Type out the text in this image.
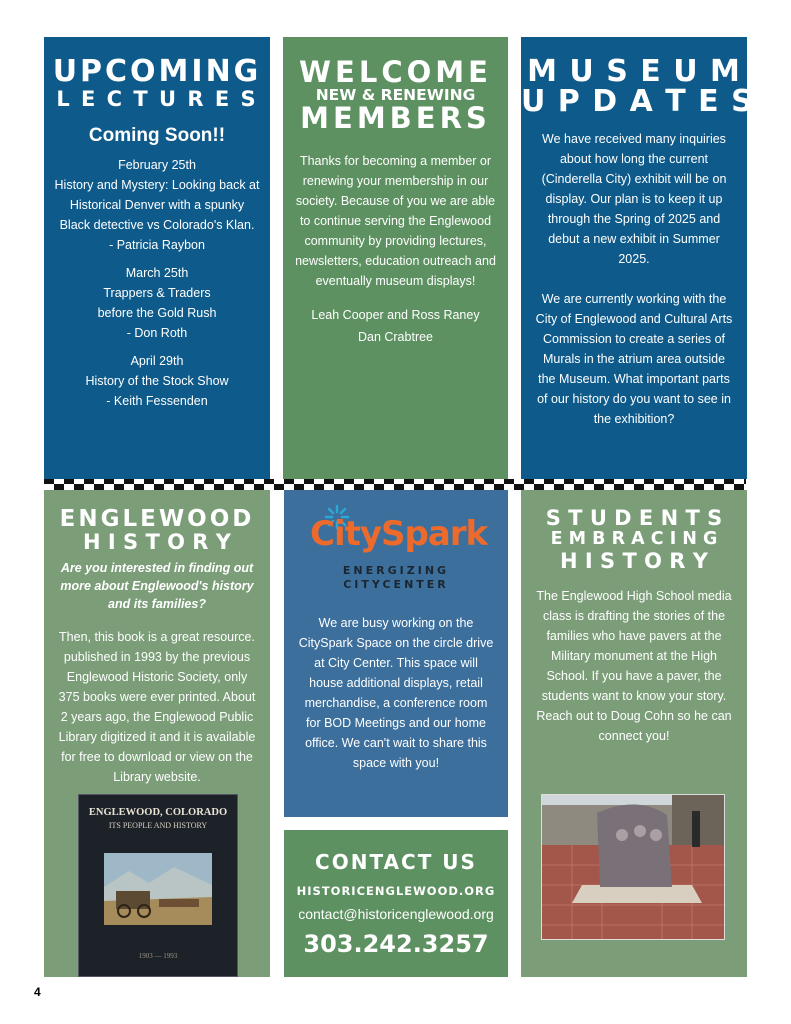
UPCOMING
L E C T U R E S
Coming Soon!!

February 25th

History and Mystery: Looking back at Historical Denver with a spunky Black detective vs Colorado's Klan.

- Patricia Raybon

March 25th

Trappers & Traders before the Gold Rush

- Don Roth

April 29th

History of the Stock Show

- Keith Fessenden

WELCOME
NEW & RENEWING
MEMBERS

Thanks for becoming a member or renewing your membership in our society. Because of you we are able to continue serving the Englewood community by providing lectures, newsletters, education outreach and eventually museum displays!

Leah Cooper and Ross Raney

Dan Crabtree

M U S E U M
U P D A T E S

We have received many inquiries about how long the current (Cinderella City) exhibit will be on display. Our plan is to keep it up through the Spring of 2025 and debut a new exhibit in Summer 2025.

We are currently working with the City of Englewood and Cultural Arts Commission to create a series of Murals in the atrium area outside the Museum. What important parts of our history do you want to see in the exhibition?

ENGLEWOOD
H I S T O R Y

Are you interested in finding out more about Englewood's history and its families?

Then, this book is a great resource. published in 1993 by the previous Englewood Historic Society, only 375 books were ever printed. About 2 years ago, the Englewood Public Library digitized it and it is available for free to download or view on the Library website.

ENGLEWOOD, COLORADO

ITS PEOPLE AND HISTORY

1903 — 1993

CitySpark

ENERGIZING

CITYCENTER

We are busy working on the CitySpark Space on the circle drive at City Center. This space will house additional displays, retail merchandise, a conference room for BOD Meetings and our home office. We can't wait to share this space with you!

CONTACT US

HISTORICENGLEWOOD.ORG

contact@historicenglewood.org

303.242.3257

S T U D E N T S
E M B R A C I N G
H I S T O R Y

The Englewood High School media class is drafting the stories of the families who have pavers at the Military monument at the High School. If you have a paver, the students want to know your story. Reach out to Doug Cohn so he can connect you!

4
